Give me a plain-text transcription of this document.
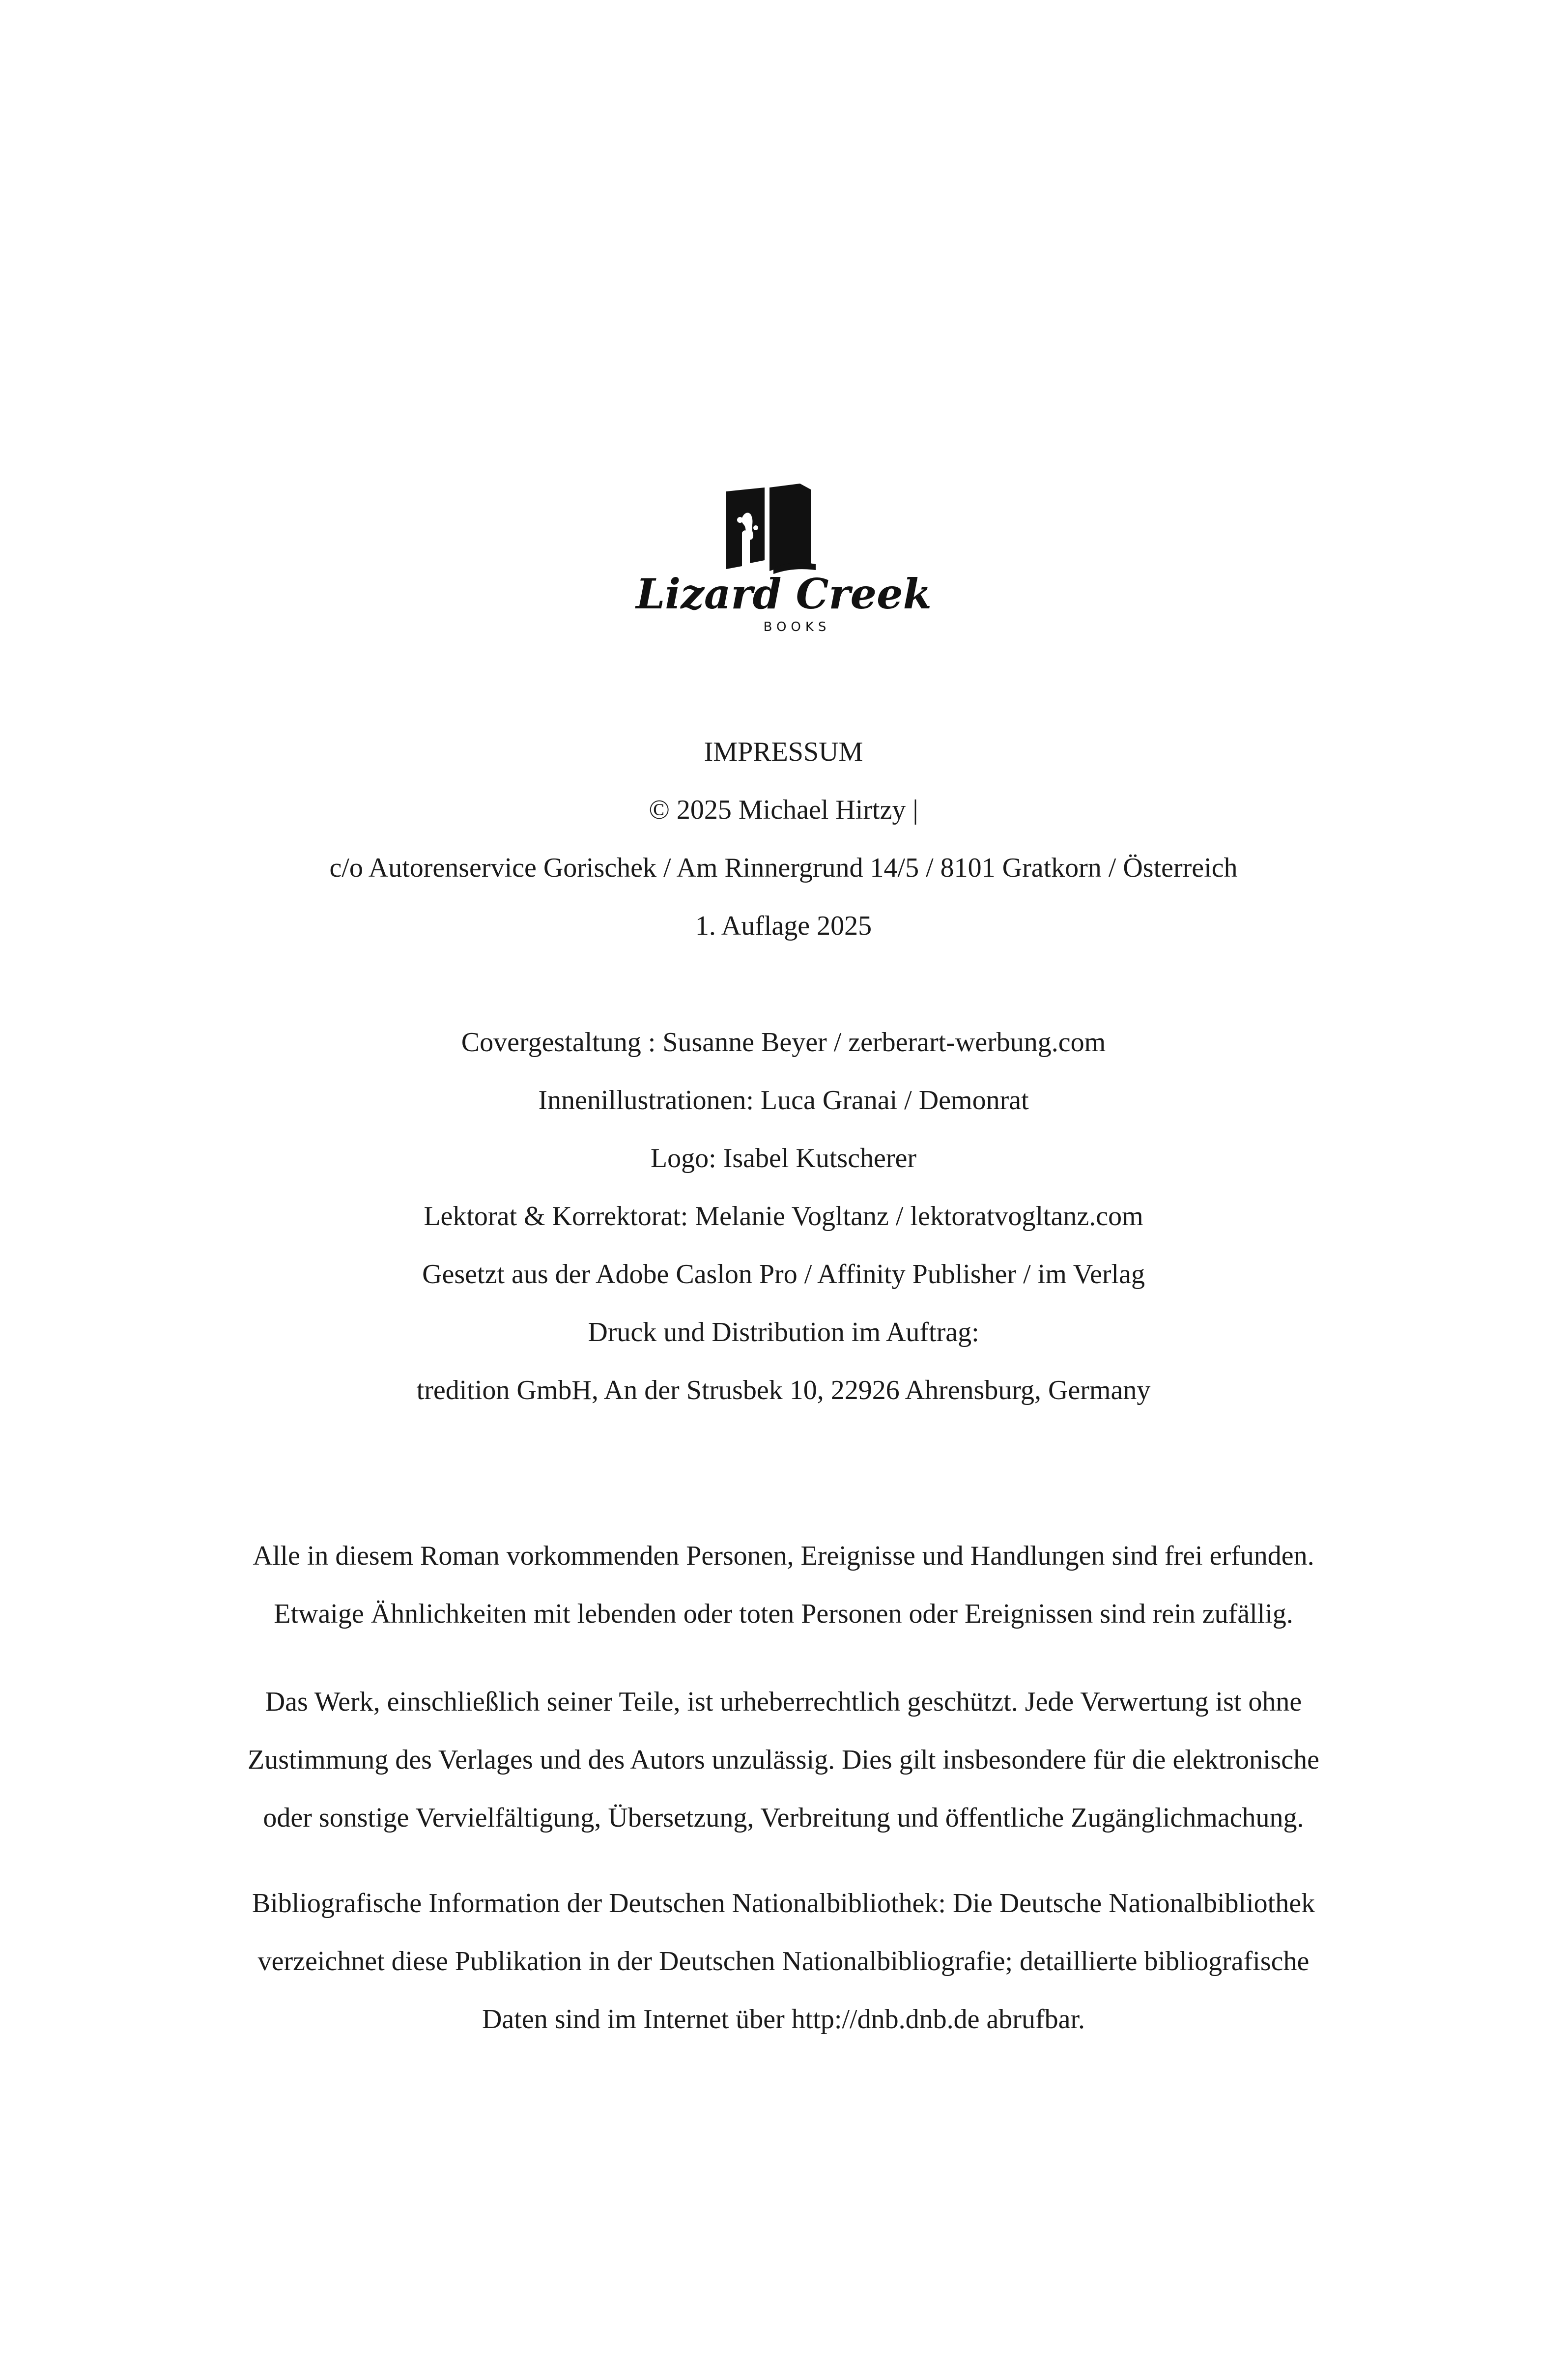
Lizard Creek
BOOKS

IMPRESSUM

© 2025 Michael Hirtzy |

c/o Autorenservice Gorischek / Am Rinnergrund 14/5 / 8101 Gratkorn / Österreich

1. Auflage 2025

Covergestaltung : Susanne Beyer / zerberart-werbung.com

Innenillustrationen: Luca Granai / Demonrat

Logo: Isabel Kutscherer

Lektorat & Korrektorat: Melanie Vogltanz / lektoratvogltanz.com

Gesetzt aus der Adobe Caslon Pro / Affinity Publisher / im Verlag

Druck und Distribution im Auftrag:

tredition GmbH, An der Strusbek 10, 22926 Ahrensburg, Germany

Alle in diesem Roman vorkommenden Personen, Ereignisse und Handlungen sind frei erfunden.

Etwaige Ähnlichkeiten mit lebenden oder toten Personen oder Ereignissen sind rein zufällig.

Das Werk, einschließlich seiner Teile, ist urheberrechtlich geschützt. Jede Verwertung ist ohne

Zustimmung des Verlages und des Autors unzulässig. Dies gilt insbesondere für die elektronische

oder sonstige Vervielfältigung, Übersetzung, Verbreitung und öffentliche Zugänglichmachung.

Bibliografische Information der Deutschen Nationalbibliothek: Die Deutsche Nationalbibliothek

verzeichnet diese Publikation in der Deutschen Nationalbibliografie; detaillierte bibliografische

Daten sind im Internet über http://dnb.dnb.de abrufbar.
